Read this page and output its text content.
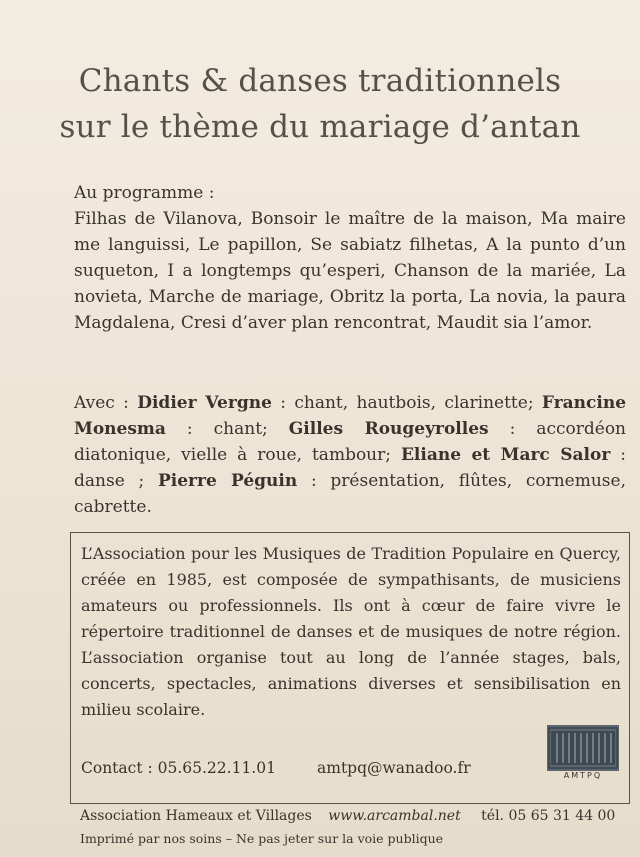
Chants & danses traditionnels
sur le thème du mariage d’antan
Au programme :
Filhas de Vilanova, Bonsoir le maître de la maison, Ma maire me languissi, Le papillon, Se sabiatz filhetas, A la punto d’un suqueton, I a longtemps qu’esperi, Chanson de la mariée, La novieta, Marche de mariage, Obritz la porta, La novia, la paura Magdalena, Cresi d’aver plan rencontrat, Maudit sia l’amor.
Avec : Didier Vergne : chant, hautbois, clarinette; Francine Monesma : chant; Gilles Rougeyrolles : accordéon diatonique, vielle à roue, tambour; Eliane et Marc Salor : danse ; Pierre Péguin : présentation, flûtes, cornemuse, cabrette.
L’Association pour les Musiques de Tradition Populaire en Quercy, créée en 1985, est composée de sympathisants, de musiciens amateurs ou professionnels. Ils ont à cœur de faire vivre le répertoire traditionnel de danses et de musiques de notre région. L’association organise tout au long de l’année stages, bals, concerts, spectacles, animations diverses et sensibilisation en milieu scolaire.
Contact : 05.65.22.11.01	amtpq@wanadoo.fr	AMTPQ
Association Hameaux et Villages www.arcambal.net tél. 05 65 31 44 00
Imprimé par nos soins – Ne pas jeter sur la voie publique
